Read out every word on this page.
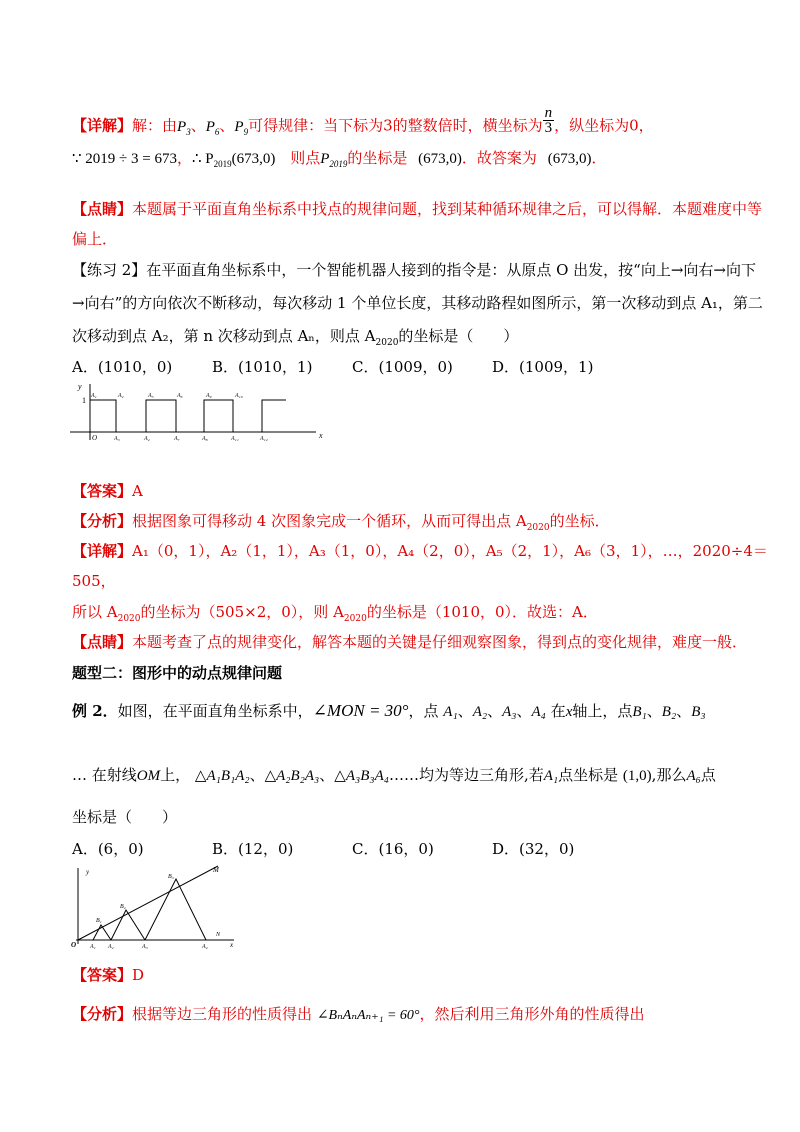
【详解】解：由$P_3$、$P_6$、$P_9$可得规律：当下标为3的整数倍时，横坐标为 $\frac{n}{3}$ ，纵坐标为0，
∵ 2019 ÷ 3 = 673，∴ $P_{2019}(673,0)$ 则点$P_{2019}$的坐标是 (673,0)．故答案为 (673,0)．
【点睛】本题属于平面直角坐标系中找点的规律问题，找到某种循环规律之后，可以得解．本题难度中等
偏上．
【练习 2】在平面直角坐标系中，一个智能机器人接到的指令是：从原点 O 出发，按“向上→向右→向下
→向右”的方向依次不断移动，每次移动 1 个单位长度，其移动路程如图所示，第一次移动到点 A₁，第二
次移动到点 A₂，第 n 次移动到点 Aₙ，则点 $A_{2020}$的坐标是（　　）
A．(1010，0)	B．(1010，1)	C．(1009，0)	D．(1009，1)
y
x
1
O
A₁	A₂	A₅	A₆	A₉	A₁₀
A₃	A₄	A₇	A₈	A₁₁	A₁₂
【答案】A
【分析】根据图象可得移动 4 次图象完成一个循环，从而可得出点 $A_{2020}$的坐标．
【详解】A₁（0，1），A₂（1，1），A₃（1，0），A₄（2，0），A₅（2，1），A₆（3，1），…，2020÷4＝
505，
所以 $A_{2020}$的坐标为（505×2，0），则 $A_{2020}$的坐标是（1010，0）．故选：A．
【点睛】本题考查了点的规律变化，解答本题的关键是仔细观察图象，得到点的变化规律，难度一般．
题型二：图形中的动点规律问题
例 2．如图，在平面直角坐标系中，∠MON = 30°，点 A₁、A₂、A₃、A₄ 在x轴上，点B₁、B₂、B₃
… 在射线OM上， △A₁B₁A₂、△A₂B₂A₃、△A₃B₃A₄……均为等边三角形,若A₁点坐标是 (1,0),那么A₆点
坐标是（　　）
A．(6，0)	B．(12，0)	C．(16，0)	D．(32，0)
y
x
O
M
N
A₁ A₂	A₃	A₄
B₁
B₂
B₃
【答案】D
【分析】根据等边三角形的性质得出 ∠BₙAₙAₙ₊₁ = 60°，然后利用三角形外角的性质得出
